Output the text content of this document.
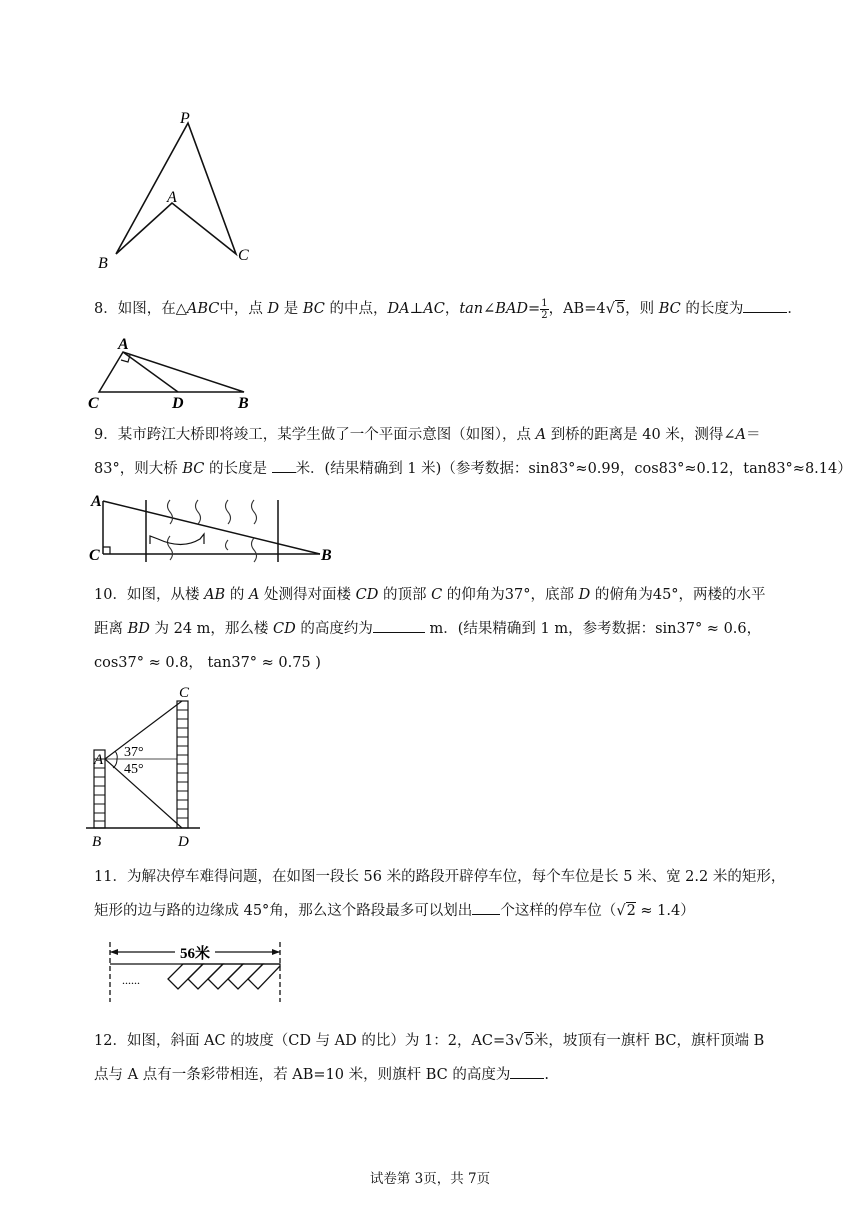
P
A
B	C

8．如图，在△ABC中，点 D 是 BC 的中点，DA⊥AC，tan∠BAD= $\frac{1}{2}$ ，AB=4√5，则 BC 的长度为	．

A
C	D	B

9．某市跨江大桥即将竣工，某学生做了一个平面示意图（如图），点 A 到桥的距离是 40 米，测得∠A＝

83°，则大桥 BC 的长度是 米．(结果精确到 1 米)（参考数据：sin83°≈0.99，cos83°≈0.12，tan83°≈8.14）

A
C	B

10．如图，从楼 AB 的 A 处测得对面楼 CD 的顶部 C 的仰角为37°，底部 D 的俯角为45°，两楼的水平

距离 BD 为 24 m，那么楼 CD 的高度约为	m．(结果精确到 1 m，参考数据：sin37° ≈ 0.6，

cos37° ≈ 0.8， tan37° ≈ 0.75 )

C
A 37°
45°
B	D

11．为解决停车难得问题，在如图一段长 56 米的路段开辟停车位，每个车位是长 5 米、宽 2.2 米的矩形，

矩形的边与路的边缘成 45°角，那么这个路段最多可以划出 个这样的停车位（√2 ≈ 1.4）

56米
......

12．如图，斜面 AC 的坡度（CD 与 AD 的比）为 1：2，AC=3√5米，坡顶有一旗杆 BC，旗杆顶端 B

点与 A 点有一条彩带相连，若 AB=10 米，则旗杆 BC 的高度为 .

试卷第 3页，共 7页
